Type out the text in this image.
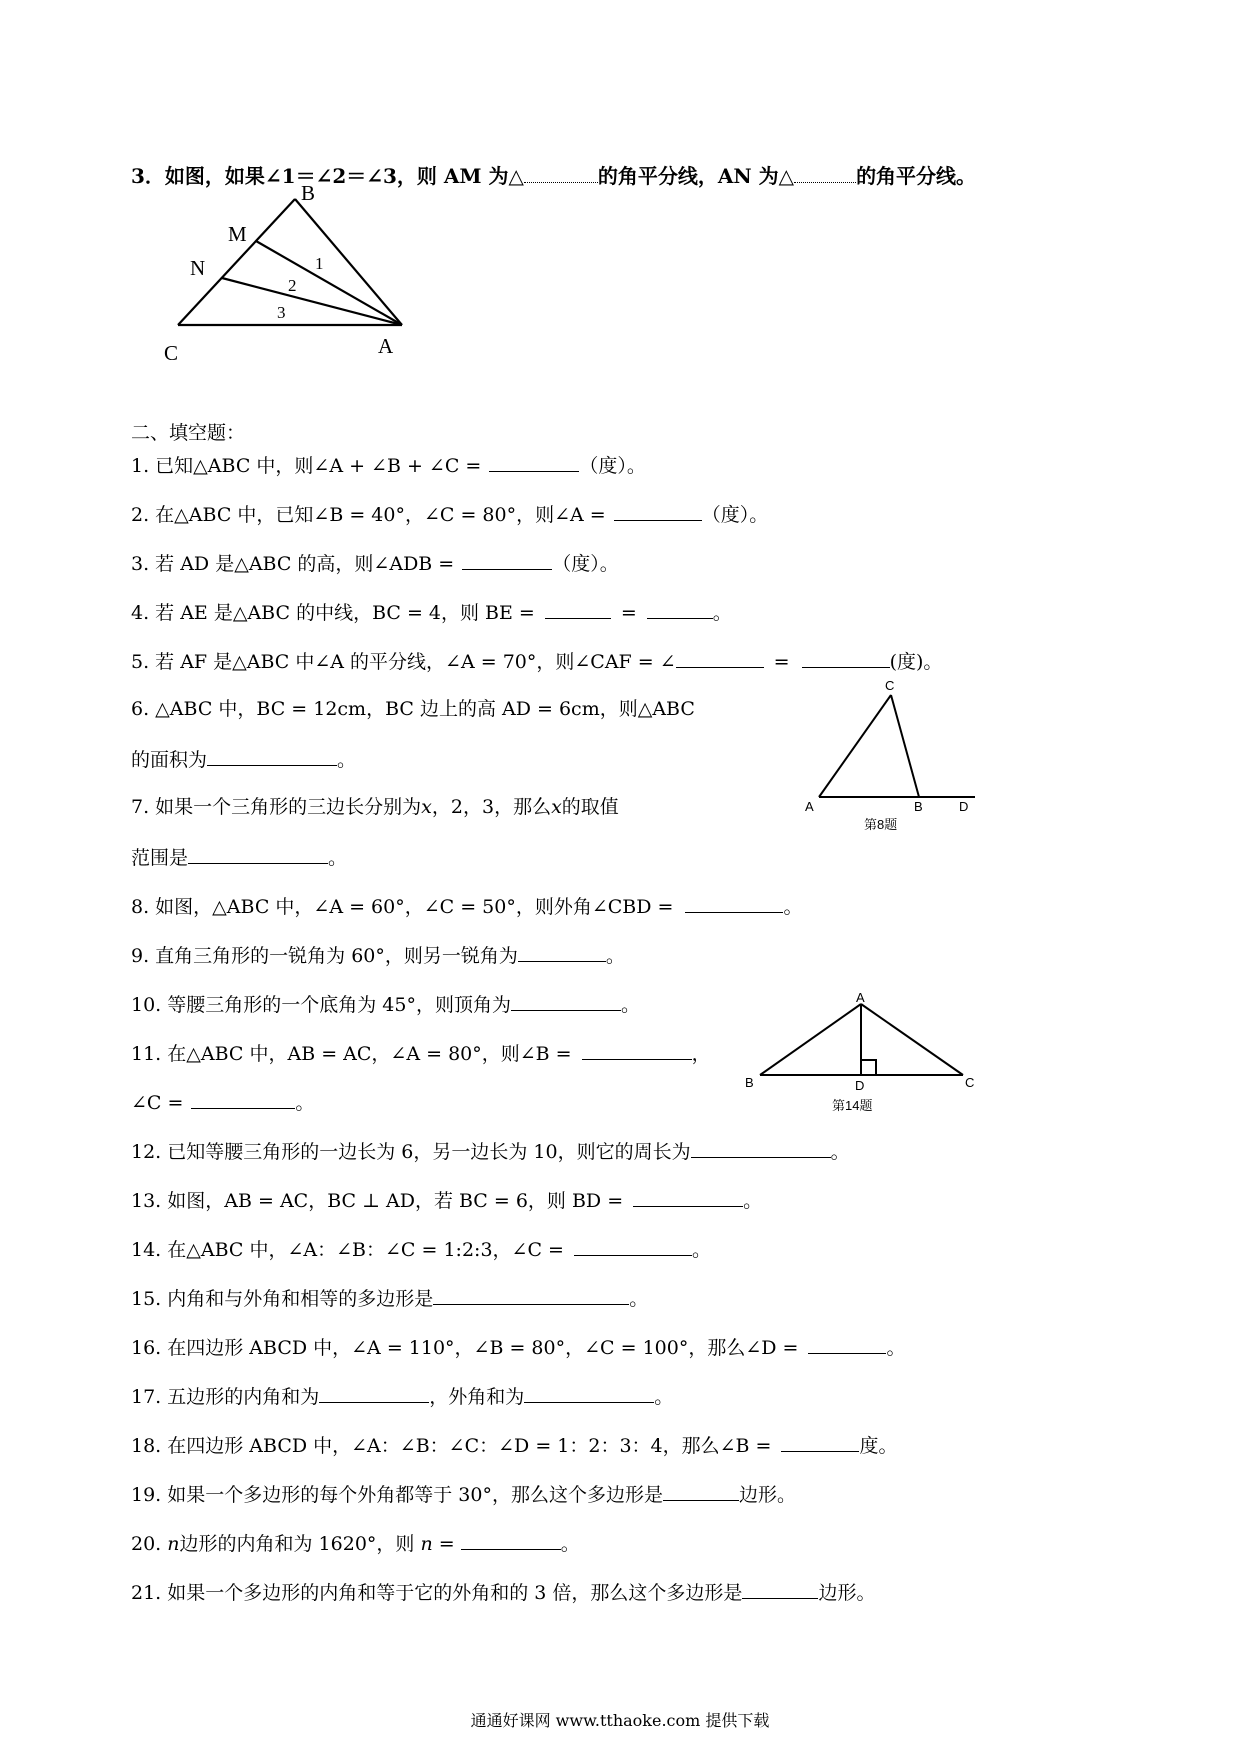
3．如图，如果∠1＝∠2＝∠3，则 AM 为△	的角平分线，AN 为△	的角平分线。
B
M
N
C	A
1
2
3
二、填空题：
1. 已知△ABC 中，则∠A + ∠B + ∠C =	（度）。
2. 在△ABC 中，已知∠B = 40°，∠C = 80°，则∠A =	（度）。
3. 若 AD 是△ABC 的高，则∠ADB =	（度）。
4. 若 AE 是△ABC 的中线，BC = 4，则 BE =	=	。
5. 若 AF 是△ABC 中∠A 的平分线，∠A = 70°，则∠CAF = ∠	=	(度)。
6. △ABC 中，BC = 12cm，BC 边上的高 AD = 6cm，则△ABC
的面积为	。
7. 如果一个三角形的三边长分别为x，2，3，那么x的取值
范围是	。
8. 如图，△ABC 中，∠A = 60°，∠C = 50°，则外角∠CBD =	。
9. 直角三角形的一锐角为 60°，则另一锐角为	。
10. 等腰三角形的一个底角为 45°，则顶角为	。
11. 在△ABC 中，AB = AC，∠A = 80°，则∠B =	，
∠C =	。
12. 已知等腰三角形的一边长为 6，另一边长为 10，则它的周长为	。
13. 如图，AB = AC，BC ⊥ AD，若 BC = 6，则 BD =	。
14. 在△ABC 中，∠A：∠B：∠C = 1:2:3，∠C =	。
15. 内角和与外角和相等的多边形是	。
16. 在四边形 ABCD 中，∠A = 110°，∠B = 80°，∠C = 100°，那么∠D =	。
17. 五边形的内角和为	，外角和为	。
18. 在四边形 ABCD 中，∠A：∠B：∠C：∠D = 1：2：3：4，那么∠B =	度。
19. 如果一个多边形的每个外角都等于 30°，那么这个多边形是	边形。
20. n边形的内角和为 1620°，则 n =	。
21. 如果一个多边形的内角和等于它的外角和的 3 倍，那么这个多边形是	边形。
C
A	B	D
第8题
A
B	D	C
第14题
通通好课网 www.tthaoke.com 提供下载
